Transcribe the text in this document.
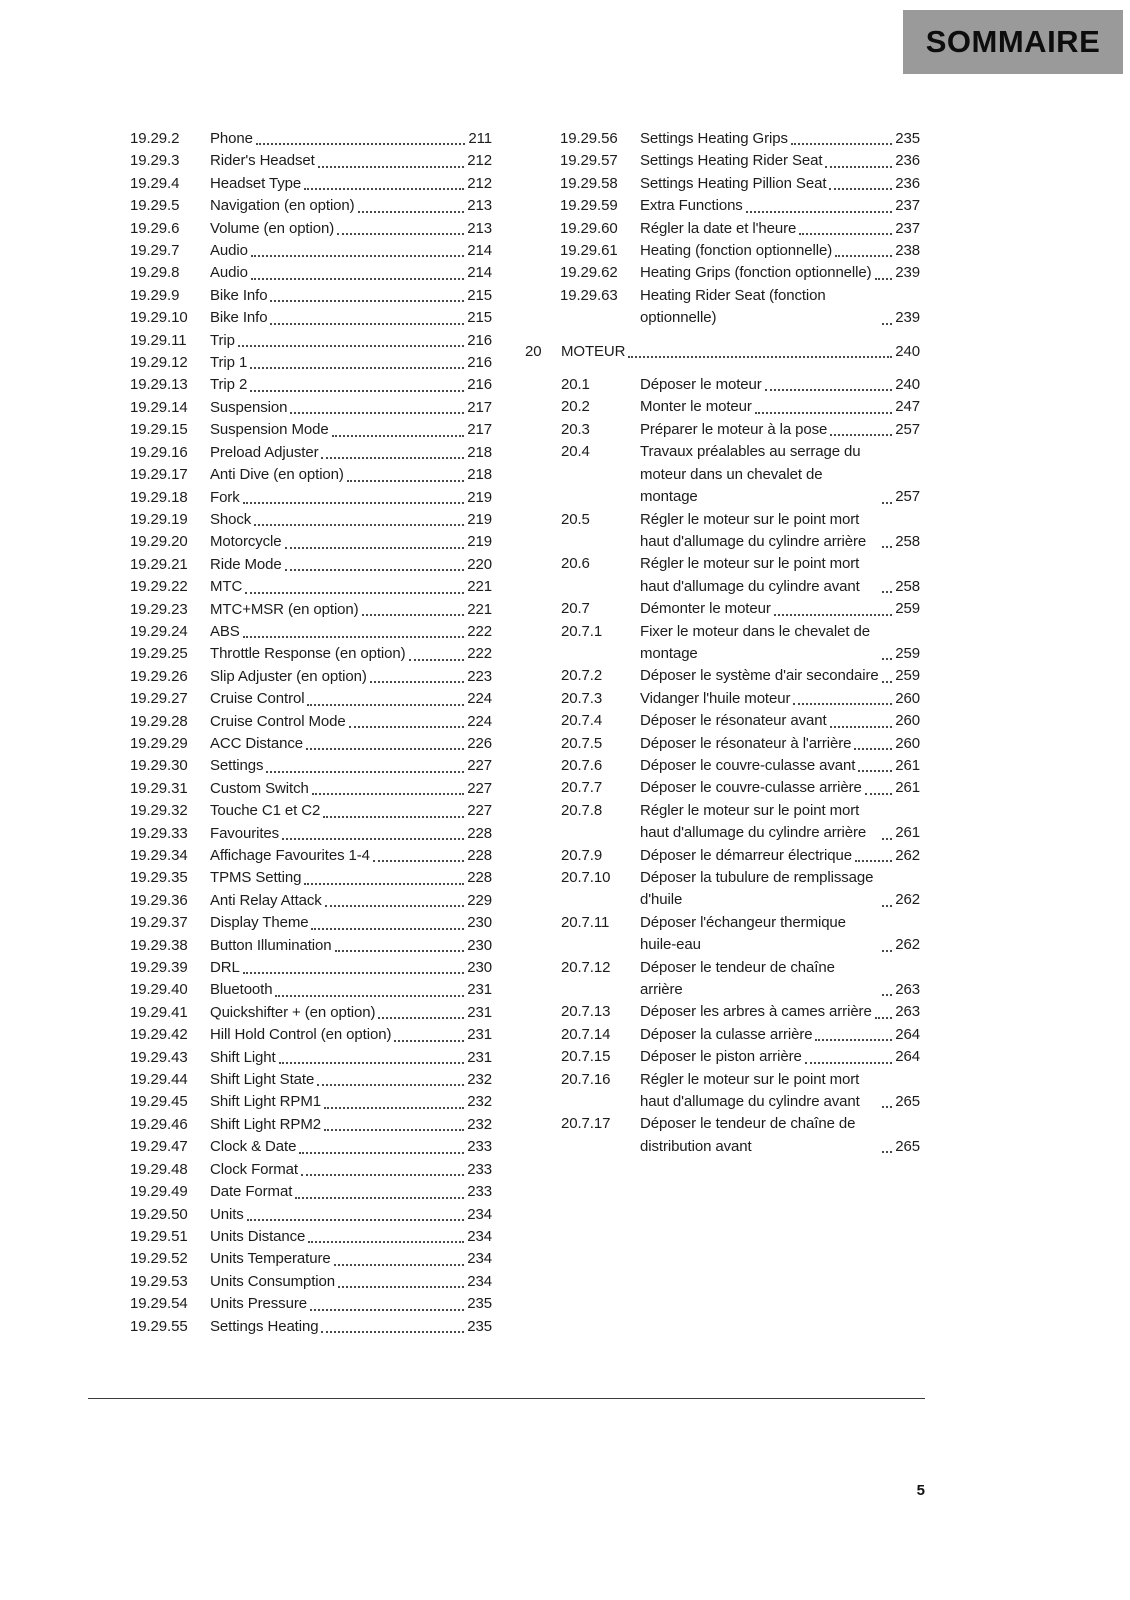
SOMMAIRE
19.29.2	Phone	211
19.29.3	Rider's Headset	212
19.29.4	Headset Type	212
19.29.5	Navigation (en option)	213
19.29.6	Volume (en option)	213
19.29.7	Audio	214
19.29.8	Audio	214
19.29.9	Bike Info	215
19.29.10	Bike Info	215
19.29.11	Trip	216
19.29.12	Trip 1	216
19.29.13	Trip 2	216
19.29.14	Suspension	217
19.29.15	Suspension Mode	217
19.29.16	Preload Adjuster	218
19.29.17	Anti Dive (en option)	218
19.29.18	Fork	219
19.29.19	Shock	219
19.29.20	Motorcycle	219
19.29.21	Ride Mode	220
19.29.22	MTC	221
19.29.23	MTC+MSR (en option)	221
19.29.24	ABS	222
19.29.25	Throttle Response (en option)	222
19.29.26	Slip Adjuster (en option)	223
19.29.27	Cruise Control	224
19.29.28	Cruise Control Mode	224
19.29.29	ACC Distance	226
19.29.30	Settings	227
19.29.31	Custom Switch	227
19.29.32	Touche C1 et C2	227
19.29.33	Favourites	228
19.29.34	Affichage Favourites 1-4	228
19.29.35	TPMS Setting	228
19.29.36	Anti Relay Attack	229
19.29.37	Display Theme	230
19.29.38	Button Illumination	230
19.29.39	DRL	230
19.29.40	Bluetooth	231
19.29.41	Quickshifter + (en option)	231
19.29.42	Hill Hold Control (en option)	231
19.29.43	Shift Light	231
19.29.44	Shift Light State	232
19.29.45	Shift Light RPM1	232
19.29.46	Shift Light RPM2	232
19.29.47	Clock & Date	233
19.29.48	Clock Format	233
19.29.49	Date Format	233
19.29.50	Units	234
19.29.51	Units Distance	234
19.29.52	Units Temperature	234
19.29.53	Units Consumption	234
19.29.54	Units Pressure	235
19.29.55	Settings Heating	235
19.29.56	Settings Heating Grips	235
19.29.57	Settings Heating Rider Seat	236
19.29.58	Settings Heating Pillion Seat	236
19.29.59	Extra Functions	237
19.29.60	Régler la date et l'heure	237
19.29.61	Heating (fonction optionnelle)	238
19.29.62	Heating Grips (fonction optionnelle) 239
19.29.63	Heating Rider Seat (fonction optionnelle)	239
20	MOTEUR	240
20.1	Déposer le moteur	240
20.2	Monter le moteur	247
20.3	Préparer le moteur à la pose	257
20.4	Travaux préalables au serrage du moteur dans un chevalet de montage	257
20.5	Régler le moteur sur le point mort haut d'allumage du cylindre arrière	258
20.6	Régler le moteur sur le point mort haut d'allumage du cylindre avant	258
20.7	Démonter le moteur	259
20.7.1	Fixer le moteur dans le chevalet de montage	259
20.7.2	Déposer le système d'air secondaire 259
20.7.3	Vidanger l'huile moteur	260
20.7.4	Déposer le résonateur avant	260
20.7.5	Déposer le résonateur à l'arrière	260
20.7.6	Déposer le couvre-culasse avant	261
20.7.7	Déposer le couvre-culasse arrière 261
20.7.8	Régler le moteur sur le point mort haut d'allumage du cylindre arrière	261
20.7.9	Déposer le démarreur électrique	262
20.7.10	Déposer la tubulure de remplissage d'huile	262
20.7.11	Déposer l'échangeur thermique huile-eau	262
20.7.12	Déposer le tendeur de chaîne arrière	263
20.7.13	Déposer les arbres à cames arrière 263
20.7.14	Déposer la culasse arrière	264
20.7.15	Déposer le piston arrière	264
20.7.16	Régler le moteur sur le point mort haut d'allumage du cylindre avant	265
20.7.17	Déposer le tendeur de chaîne de distribution avant	265
5
